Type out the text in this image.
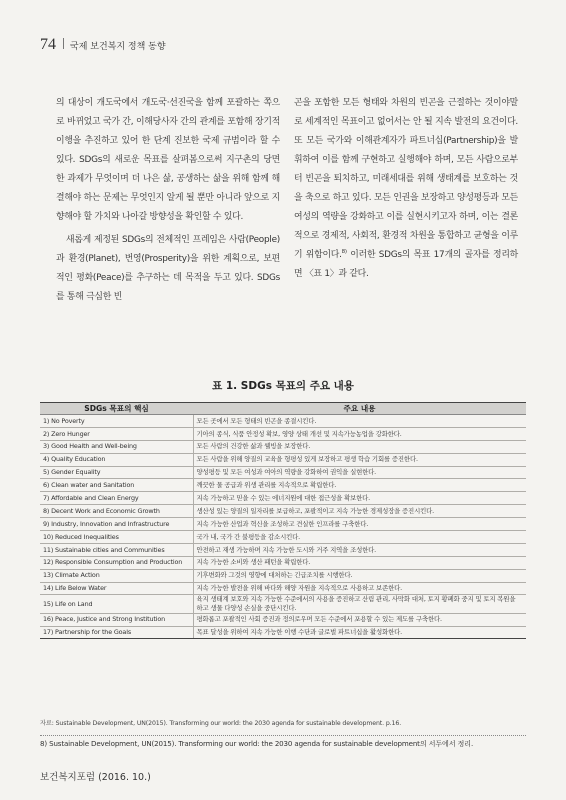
74 국제 보건복지 정책 동향

의 대상이 개도국에서 개도국·선진국을 함께 포괄하는 쪽으로 바뀌었고 국가 간, 이해당사자 간의 관계를 포함해 장기적 이행을 추진하고 있어 한 단계 진보한 국제 규범이라 할 수 있다. SDGs의 새로운 목표를 살펴봄으로써 지구촌의 당면한 과제가 무엇이며 더 나은 삶, 공생하는 삶을 위해 함께 해결해야 하는 문제는 무엇인지 알게 될 뿐만 아니라 앞으로 지향해야 할 가치와 나아갈 방향성을 확인할 수 있다.

새롭게 제정된 SDGs의 전체적인 프레임은 사람(People)과 환경(Planet), 번영(Prosperity)을 위한 계획으로, 보편적인 평화(Peace)를 추구하는 데 목적을 두고 있다. SDGs를 통해 극심한 빈

곤을 포함한 모든 형태와 차원의 빈곤을 근절하는 것이야말로 세계적인 목표이고 없어서는 안 될 지속 발전의 요건이다. 또 모든 국가와 이해관계자가 파트너십(Partnership)을 발휘하여 이를 함께 구현하고 실행해야 하며, 모든 사람으로부터 빈곤을 퇴치하고, 미래세대를 위해 생태계를 보호하는 것을 축으로 하고 있다. 모든 인권을 보장하고 양성평등과 모든 여성의 역량을 강화하고 이를 실현시키고자 하며, 이는 결론적으로 경제적, 사회적, 환경적 차원을 통합하고 균형을 이루기 위함이다.$^{8)}$ 이러한 SDGs의 목표 17개의 골자를 정리하면 〈표 1〉과 같다.

표 1. SDGs 목표의 주요 내용
SDGs 목표의 핵심	주요 내용
1) No Poverty	모든 곳에서 모든 형태의 빈곤을 종결시킨다.
2) Zero Hunger	기아의 종식, 식품 안정성 확보, 영양 상태 개선 및 지속가능농업을 강화한다.
3) Good Health and Well-being	모든 사람의 건강한 삶과 웰빙을 보장한다.
4) Quality Education	모든 사람을 위해 양질의 교육을 형평성 있게 보장하고 평생 학습 기회를 증진한다.
5) Gender Equality	양성평등 및 모든 여성과 여아의 역량을 강화하여 권익을 실현한다.
6) Clean water and Sanitation	깨끗한 물 공급과 위생 관리를 지속적으로 확립한다.
7) Affordable and Clean Energy	지속 가능하고 믿을 수 있는 에너지원에 대한 접근성을 확보한다.
8) Decent Work and Economic Growth	생산성 있는 양질의 일자리를 보급하고, 포괄적이고 지속 가능한 경제성장을 증진시킨다.
9) Industry, Innovation and Infrastructure	지속 가능한 산업과 혁신을 조성하고 견실한 인프라를 구축한다.
10) Reduced Inequalities	국가 내, 국가 간 불평등을 감소시킨다.
11) Sustainable cities and Communities	안전하고 재생 가능하며 지속 가능한 도시와 거주 지역을 조성한다.
12) Responsible Consumption and Production	지속 가능한 소비와 생산 패턴을 확립한다.
13) Climate Action	기후변화와 그것의 영향에 대처하는 긴급조치를 시행한다.
14) Life Below Water	지속 가능한 발전을 위해 바다와 해양 자원을 지속적으로 사용하고 보존한다.
15) Life on Land	육지 생태계 보호와 지속 가능한 수준에서의 사용을 증진하고 산림 관리, 사막화 대처, 토지 황폐화 중지 및 토지 복원을 하고 생물 다양성 손실을 중단시킨다.
16) Peace, Justice and Strong Institution	평화롭고 포괄적인 사회 증진과 정의로우며 모든 수준에서 포용할 수 있는 제도를 구축한다.
17) Partnership for the Goals	목표 달성을 위하여 지속 가능한 이행 수단과 글로벌 파트너십을 활성화한다.
자료: Sustainable Development, UN(2015). Transforming our world: the 2030 agenda for sustainable development. p.16.
8) Sustainable Development, UN(2015). Transforming our world: the 2030 agenda for sustainable development의 서두에서 정리.
보건복지포럼 (2016. 10.)
